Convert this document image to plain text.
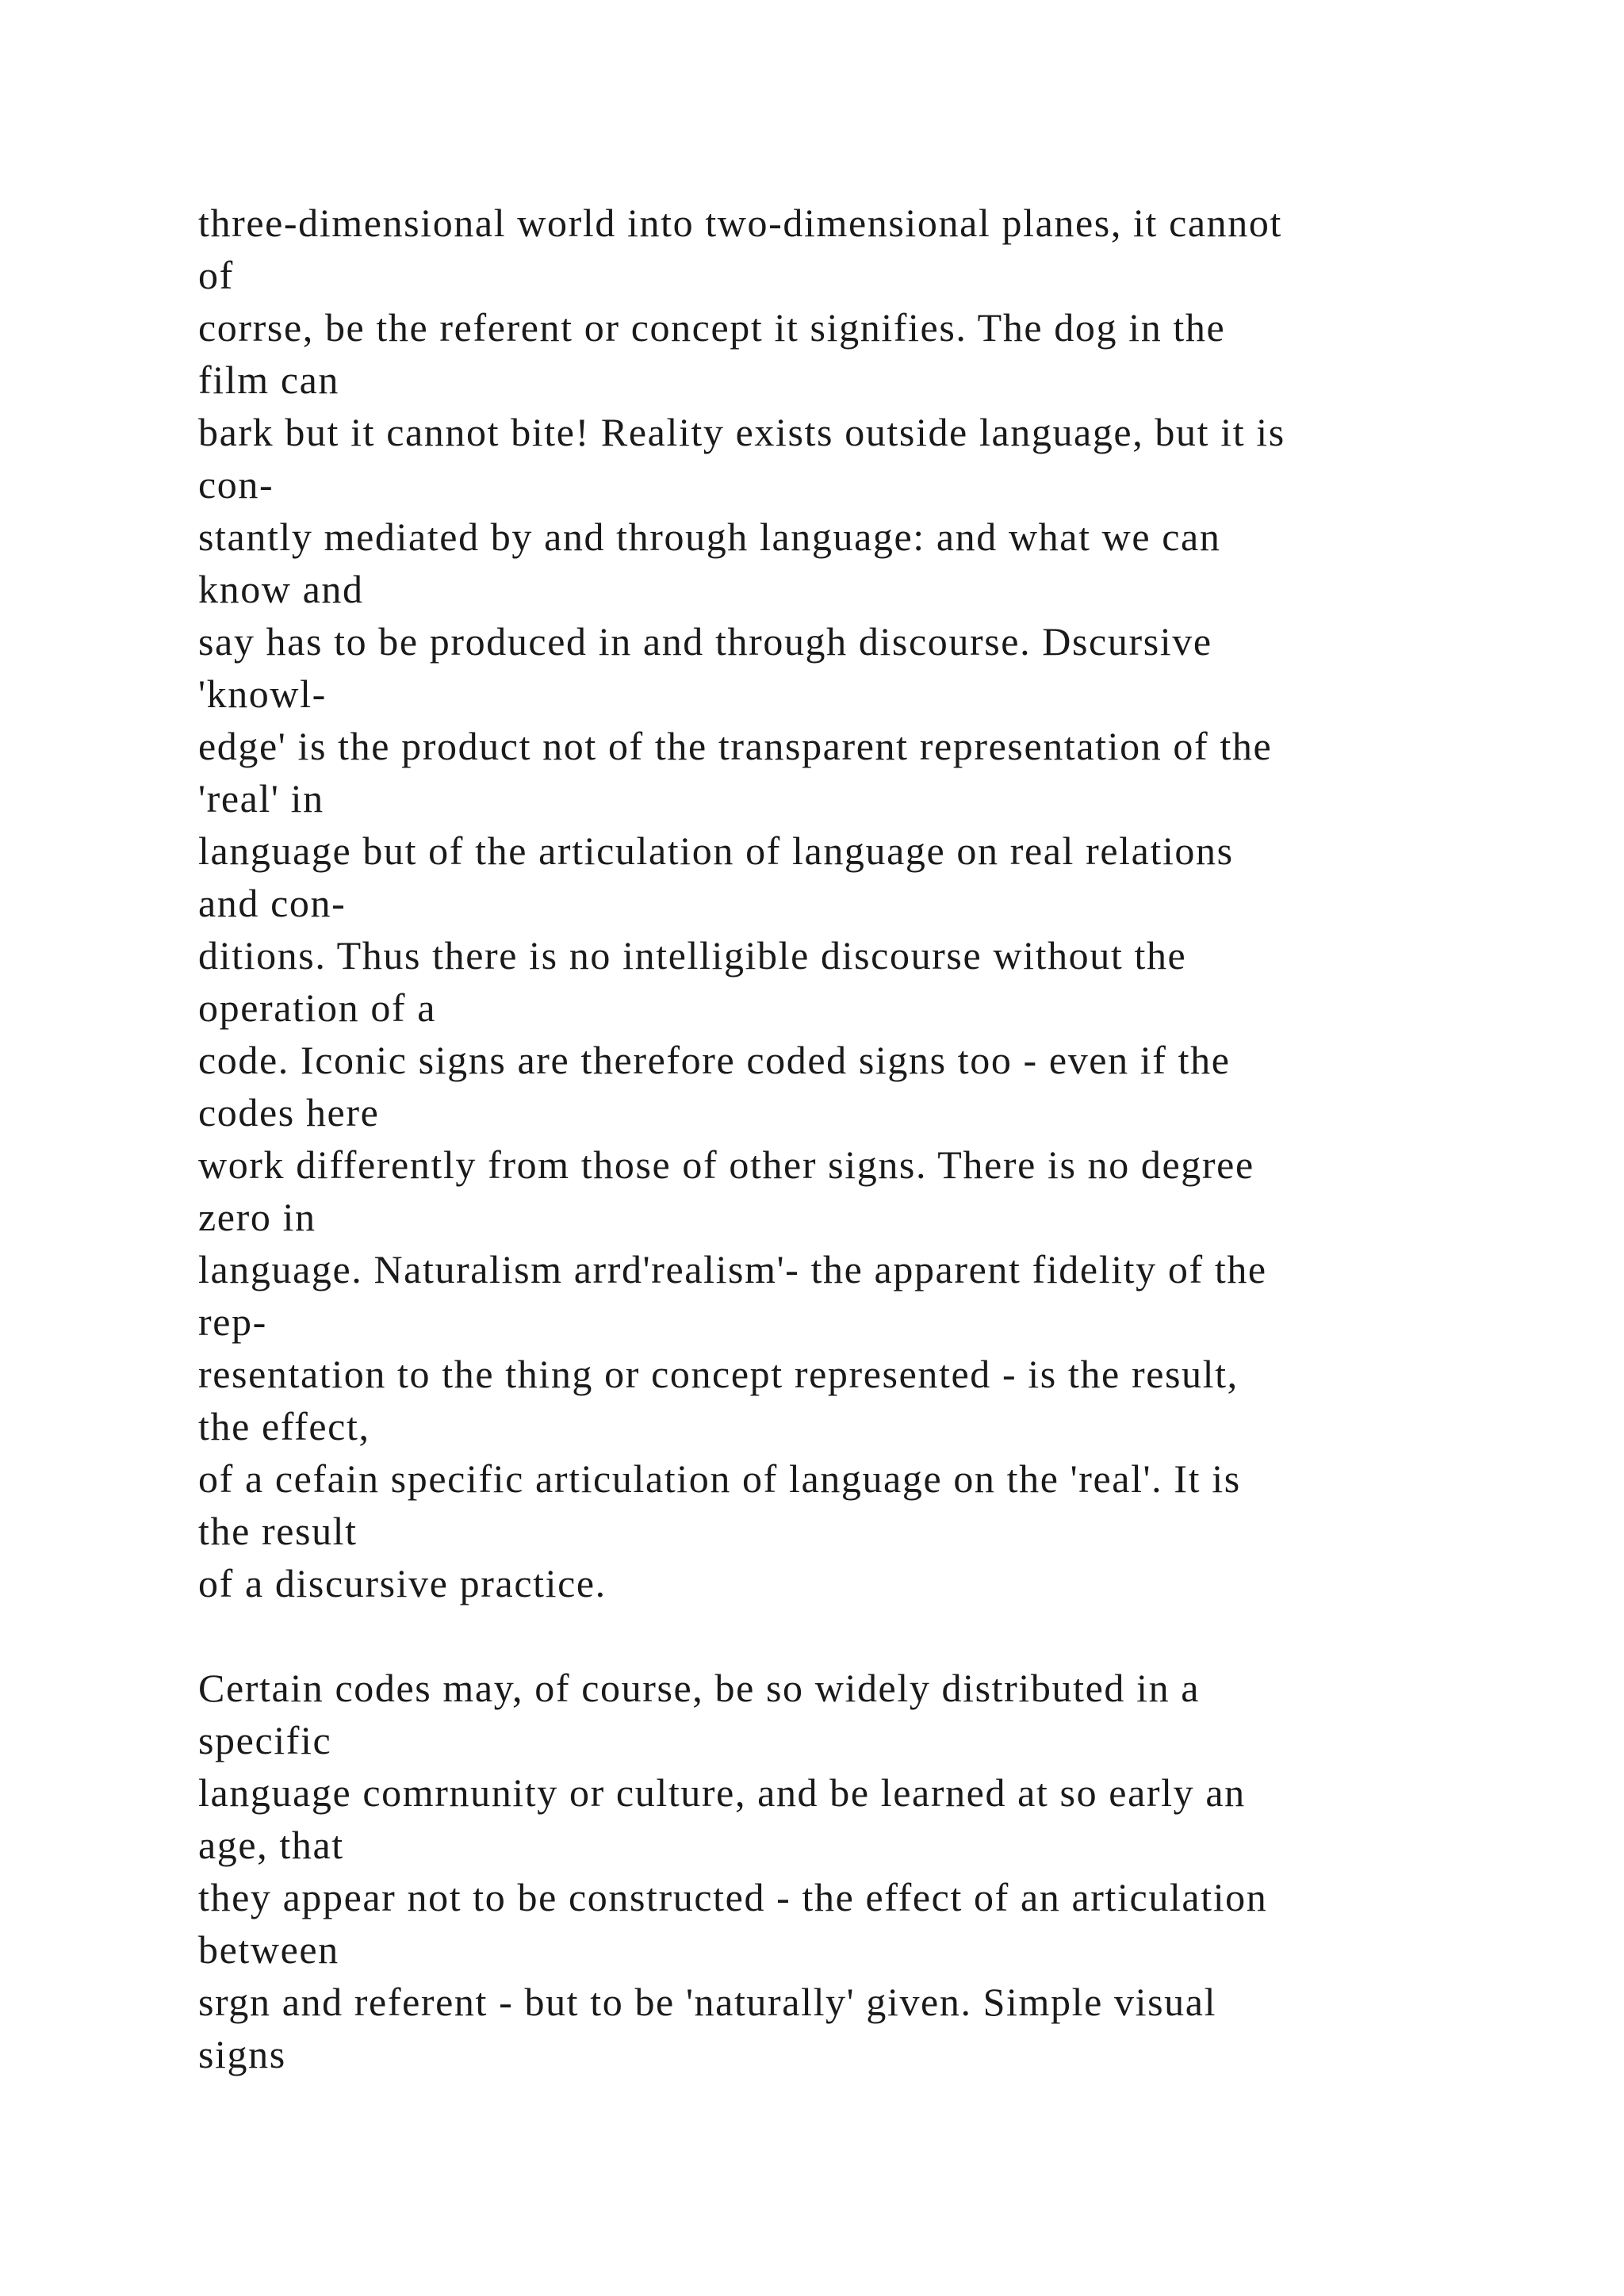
three-dimensional world into two-dimensional planes, it cannot
of
corrse, be the referent or concept it signifies. The dog in the
film can
bark but it cannot bite! Reality exists outside language, but it is
con-
stantly mediated by and through language: and what we can
know and
say has to be produced in and through discourse. Dscursive
'knowl-
edge' is the product not of the transparent representation of the
'real' in
language but of the articulation of language on real relations
and con-
ditions. Thus there is no intelligible discourse without the
operation of a
code. Iconic signs are therefore coded signs too - even if the
codes here
work differently from those of other signs. There is no degree
zero in
language. Naturalism arrd'realism'- the apparent fidelity of the
rep-
resentation to the thing or concept represented - is the result,
the effect,
of a cefain specific articulation of language on the 'real'. It is
the result
of a discursive practice.
Certain codes may, of course, be so widely distributed in a
specific
language comrnunity or culture, and be learned at so early an
age, that
they appear not to be constructed - the effect of an articulation
between
srgn and referent - but to be 'naturally' given. Simple visual
signs
